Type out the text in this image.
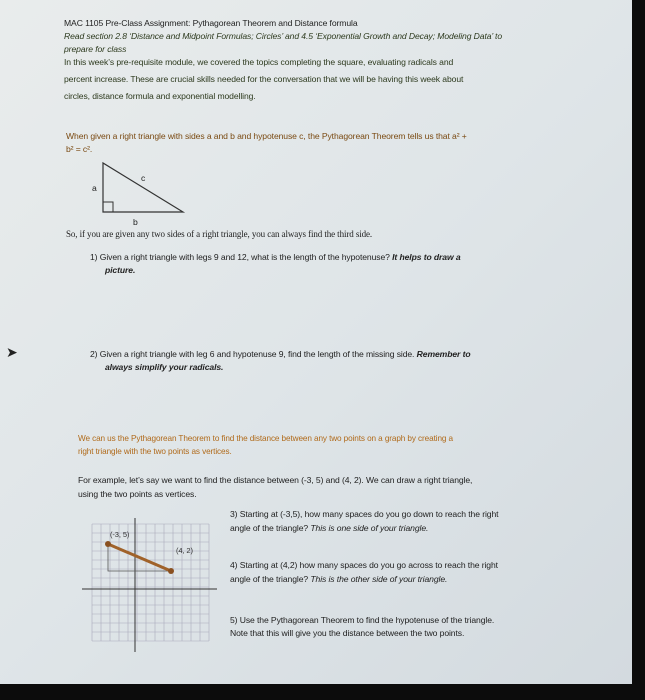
MAC 1105 Pre-Class Assignment: Pythagorean Theorem and Distance formula
Read section 2.8 ‘Distance and Midpoint Formulas; Circles’ and 4.5 ‘Exponential Growth and Decay; Modeling Data’ to
prepare for class
In this week’s pre-requisite module, we covered the topics completing the square, evaluating radicals and
percent increase. These are crucial skills needed for the conversation that we will be having this week about
circles, distance formula and exponential modelling.
When given a right triangle with sides a and b and hypotenuse c, the Pythagorean Theorem tells us that a² +
b² = c².
a
c
b
So, if you are given any two sides of a right triangle, you can always find the third side.
1) Given a right triangle with legs 9 and 12, what is the length of the hypotenuse? It helps to draw a
picture.
2) Given a right triangle with leg 6 and hypotenuse 9, find the length of the missing side. Remember to
always simplify your radicals.
We can us the Pythagorean Theorem to find the distance between any two points on a graph by creating a
right triangle with the two points as vertices.
For example, let’s say we want to find the distance between (-3, 5) and (4, 2). We can draw a right triangle,
using the two points as vertices.
(-3, 5)
(4, 2)
3) Starting at (-3,5), how many spaces do you go down to reach the right
angle of the triangle? This is one side of your triangle.
4) Starting at (4,2) how many spaces do you go across to reach the right
angle of the triangle? This is the other side of your triangle.
5) Use the Pythagorean Theorem to find the hypotenuse of the triangle.
Note that this will give you the distance between the two points.
➤
